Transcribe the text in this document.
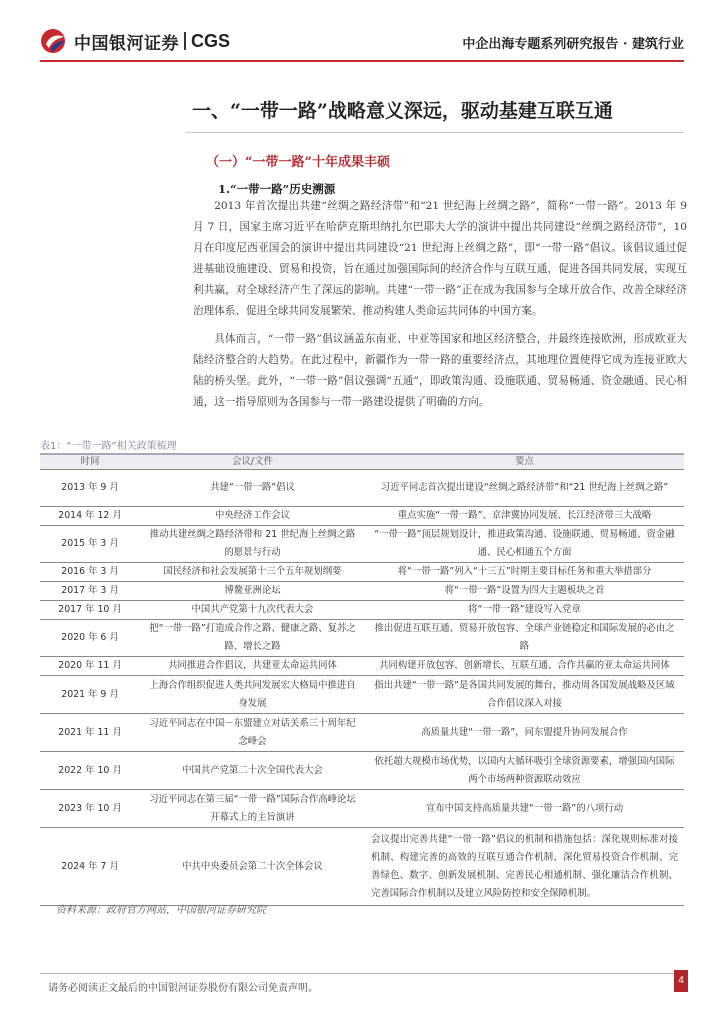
中国银河证券 CGS	中企出海专题系列研究报告 · 建筑行业
一、“一带一路”战略意义深远，驱动基建互联互通
（一）“一带一路”十年成果丰硕
1.“一带一路”历史溯源

2013 年首次提出共建“丝绸之路经济带”和“21 世纪海上丝绸之路”，简称“一带一路”。2013 年 9 月 7 日，国家主席习近平在哈萨克斯坦纳扎尔巴耶夫大学的演讲中提出共同建设“丝绸之路经济带”，10 月在印度尼西亚国会的演讲中提出共同建设“21 世纪海上丝绸之路”，即“一带一路”倡议。该倡议通过促进基础设施建设、贸易和投资，旨在通过加强国际间的经济合作与互联互通，促进各国共同发展，实现互利共赢，对全球经济产生了深远的影响。共建“一带一路”正在成为我国参与全球开放合作、改善全球经济治理体系、促进全球共同发展繁荣、推动构建人类命运共同体的中国方案。

具体而言，“一带一路”倡议涵盖东南亚、中亚等国家和地区经济整合，并最终连接欧洲，形成欧亚大陆经济整合的大趋势。在此过程中，新疆作为一带一路的重要经济点，其地理位置使得它成为连接亚欧大陆的桥头堡。此外，“一带一路”倡议强调“五通”，即政策沟通、设施联通、贸易畅通、资金融通、民心相通，这一指导原则为各国参与一带一路建设提供了明确的方向。

表1：“一带一路”相关政策梳理
时间	会议/文件	要点
2013 年 9 月	共建“一带一路”倡议	习近平同志首次提出建设“丝绸之路经济带”和“21 世纪海上丝绸之路”
2014 年 12 月	中央经济工作会议	重点实施“一带一路”、京津冀协同发展、长江经济带三大战略
2015 年 3 月	推动共建丝绸之路经济带和 21 世纪海上丝绸之路的愿景与行动	“一带一路”顶层规划设计，推进政策沟通、设施联通、贸易畅通、资金融通、民心相通五个方面
2016 年 3 月	国民经济和社会发展第十三个五年规划纲要	将“一带一路”列入“十三五”时期主要目标任务和重大举措部分
2017 年 3 月	博鳌亚洲论坛	将“一带一路”设置为四大主题板块之首
2017 年 10 月	中国共产党第十九次代表大会	将“一带一路”建设写入党章
2020 年 6 月	把“一带一路”打造成合作之路、健康之路、复苏之路、增长之路	推出促进互联互通、贸易开放包容、全球产业链稳定和国际发展的必由之路
2020 年 11 月	共同推进合作倡议，共建亚太命运共同体	共同构建开放包容、创新增长、互联互通、合作共赢的亚太命运共同体
2021 年 9 月	上海合作组织促进人类共同发展宏大格局中推进自身发展	指出共建“一带一路”是各国共同发展的舞台，推动周各国发展战略及区域合作倡议深入对接
2021 年 11 月	习近平同志在中国－东盟建立对话关系三十周年纪念峰会	高质量共建“一带一路”，同东盟提升协同发展合作
2022 年 10 月	中国共产党第二十次全国代表大会	依托超大规模市场优势，以国内大循环吸引全球资源要素，增强国内国际两个市场两种资源联动效应
2023 年 10 月	习近平同志在第三届“一带一路”国际合作高峰论坛开幕式上的主旨演讲	宣布中国支持高质量共建“一带一路”的八项行动
2024 年 7 月	中共中央委员会第二十次全体会议	会议提出完善共建“一带一路”倡议的机制和措施包括：深化规则标准对接机制、构建完善的高效的互联互通合作机制、深化贸易投资合作机制、完善绿色、数字、创新发展机制、完善民心相通机制、强化廉洁合作机制、完善国际合作机制以及建立风险防控和安全保障机制。
资料来源：政府官方网站，中国银河证券研究院
请务必阅读正文最后的中国银河证券股份有限公司免责声明。
4
